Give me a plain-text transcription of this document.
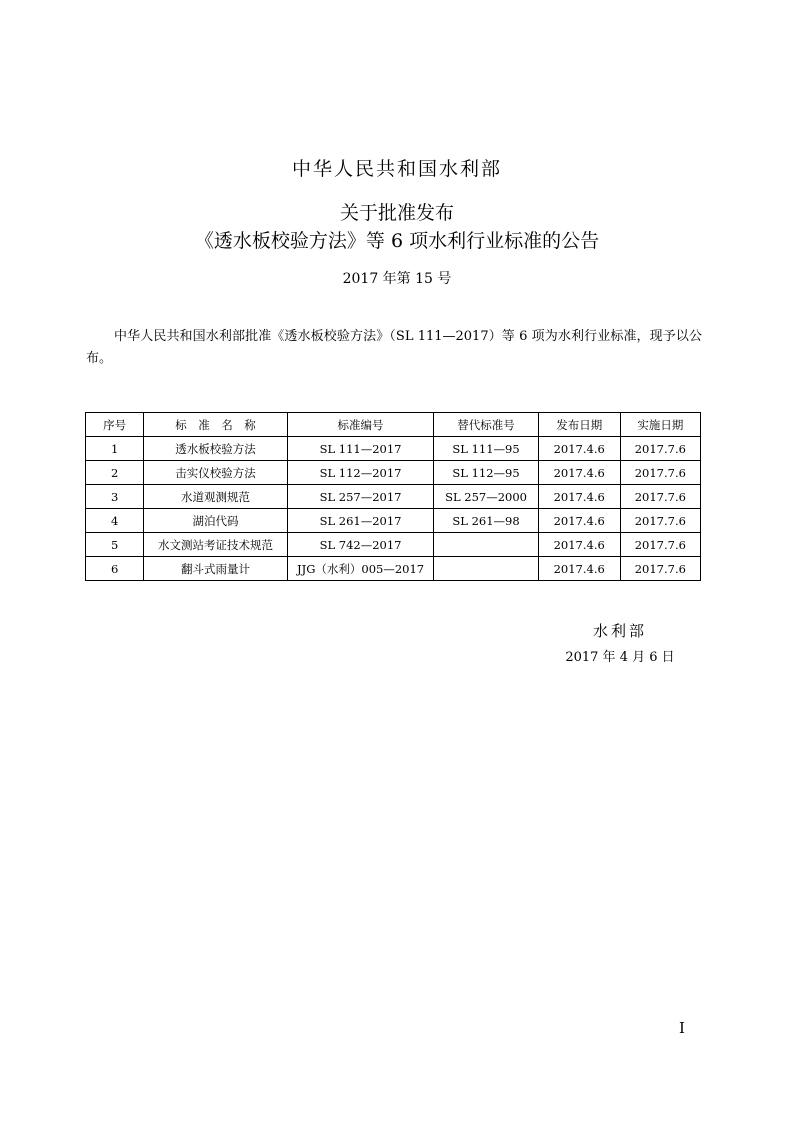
中华人民共和国水利部
关于批准发布
《透水板校验方法》等 6 项水利行业标准的公告
2017 年第 15 号
中华人民共和国水利部批准《透水板校验方法》（SL 111—2017）等 6 项为水利行业标准，现予以公布。
序号	标　准　名　称	标准编号	替代标准号	发布日期	实施日期
1	透水板校验方法	SL 111—2017	SL 111—95	2017.4.6	2017.7.6
2	击实仪校验方法	SL 112—2017	SL 112—95	2017.4.6	2017.7.6
3	水道观测规范	SL 257—2017	SL 257—2000	2017.4.6	2017.7.6
4	湖泊代码	SL 261—2017	SL 261—98	2017.4.6	2017.7.6
5	水文测站考证技术规范	SL 742—2017		2017.4.6	2017.7.6
6	翻斗式雨量计	JJG（水利）005—2017		2017.4.6	2017.7.6
水利部
2017 年 4 月 6 日
I
